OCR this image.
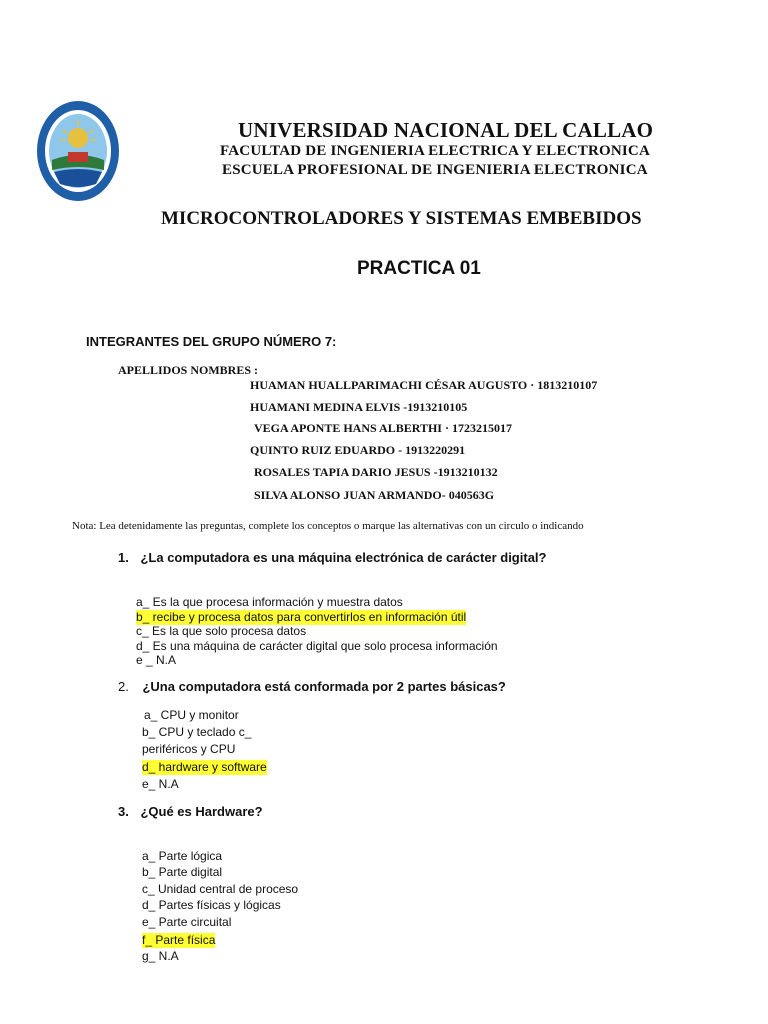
UNIVERSIDAD NACIONAL DEL CALLAO
FACULTAD DE INGENIERIA ELECTRICA Y ELECTRONICA
ESCUELA PROFESIONAL DE INGENIERIA ELECTRONICA
MICROCONTROLADORES Y SISTEMAS EMBEBIDOS
PRACTICA 01
INTEGRANTES DEL GRUPO NÚMERO 7:
APELLIDOS NOMBRES :
HUAMAN HUALLPARIMACHI CÉSAR AUGUSTO · 1813210107
HUAMANI MEDINA ELVIS -1913210105
VEGA APONTE HANS ALBERTHI · 1723215017
QUINTO RUIZ EDUARDO - 1913220291
ROSALES TAPIA DARIO JESUS -1913210132
SILVA ALONSO JUAN ARMANDO- 040563G
Nota: Lea detenidamente las preguntas, complete los conceptos o marque las alternativas con un circulo o indicando
1. ¿La computadora es una máquina electrónica de carácter digital?
a_ Es la que procesa información y muestra datos
b_ recibe y procesa datos para convertirlos en información útil
c_ Es la que solo procesa datos
d_ Es una máquina de carácter digital que solo procesa información
e _ N.A
2. ¿Una computadora está conformada por 2 partes básicas?
a_ CPU y monitor
b_ CPU y teclado c_
periféricos y CPU
d_ hardware y software
e_ N.A
3. ¿Qué es Hardware?
a_ Parte lógica
b_ Parte digital
c_ Unidad central de proceso
d_ Partes físicas y lógicas
e_ Parte circuital
f_ Parte física
g_ N.A
